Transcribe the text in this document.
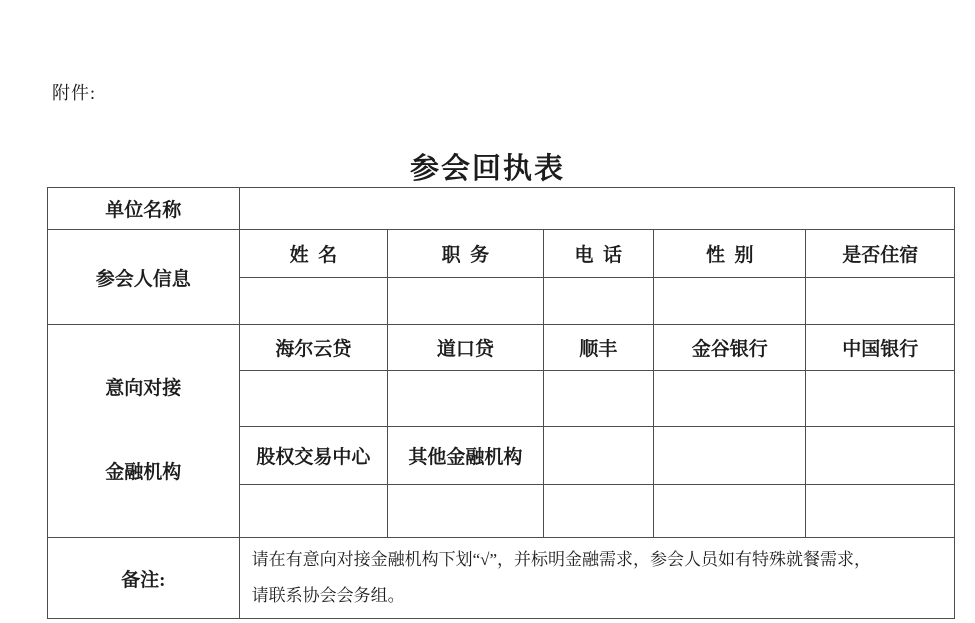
附件:
参会回执表
单位名称					
参会人信息	姓  名	职  务	电  话	性  别	是否住宿

意向对接

金融机构	海尔云贷	道口贷	顺丰	金谷银行	中国银行

	股权交易中心	其他金融机构			

备注:	请在有意向对接金融机构下划“√”，并标明金融需求，参会人员如有特殊就餐需求，
请联系协会会务组。				
